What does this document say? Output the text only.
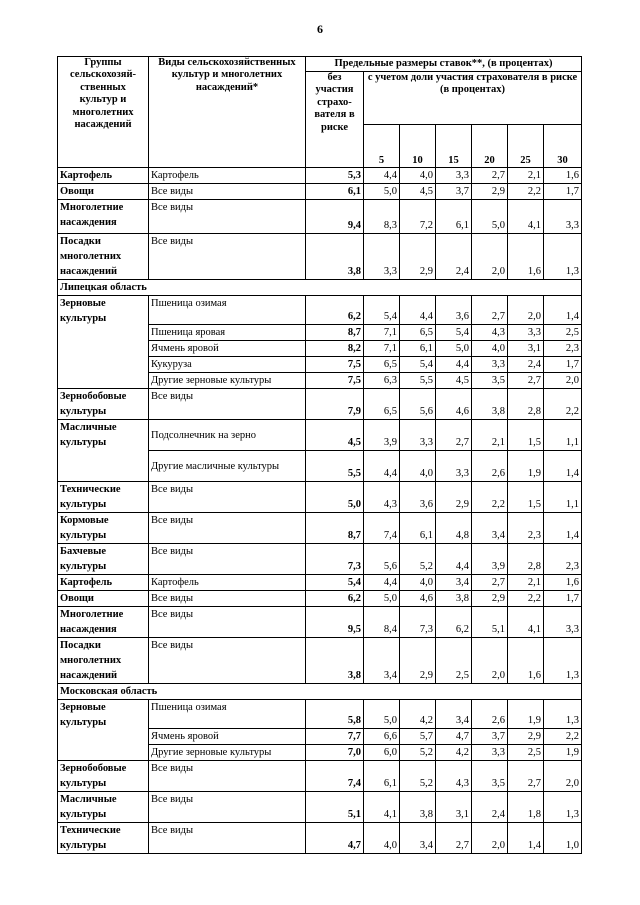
6
Группы сельскохозяй-ственных культур и многолетних насаждений	Виды сельскохозяйственных культур и многолетних насаждений*	Предельные размеры ставок**, (в процентах)						
		без участия страхо-вателя в риске	с учетом доли участия страхователя в риске
(в процентах)					
			5	10	15	20	25	30
Картофель	Картофель	5,3	4,4	4,0	3,3	2,7	2,1	1,6
Овощи	Все виды	6,1	5,0	4,5	3,7	2,9	2,2	1,7
Многолетние насаждения	Все виды	9,4	8,3	7,2	6,1	5,0	4,1	3,3
Посадки многолетних насаждений	Все виды	3,8	3,3	2,9	2,4	2,0	1,6	1,3
Липецкая область								
Зерновые культуры	Пшеница озимая	6,2	5,4	4,4	3,6	2,7	2,0	1,4
	Пшеница яровая	8,7	7,1	6,5	5,4	4,3	3,3	2,5
	Ячмень яровой	8,2	7,1	6,1	5,0	4,0	3,1	2,3
	Кукуруза	7,5	6,5	5,4	4,4	3,3	2,4	1,7
	Другие зерновые культуры	7,5	6,3	5,5	4,5	3,5	2,7	2,0
Зернобобовые культуры	Все виды	7,9	6,5	5,6	4,6	3,8	2,8	2,2
Масличные культуры	Подсолнечник на зерно	4,5	3,9	3,3	2,7	2,1	1,5	1,1
	Другие масличные культуры	5,5	4,4	4,0	3,3	2,6	1,9	1,4
Технические культуры	Все виды	5,0	4,3	3,6	2,9	2,2	1,5	1,1
Кормовые культуры	Все виды	8,7	7,4	6,1	4,8	3,4	2,3	1,4
Бахчевые культуры	Все виды	7,3	5,6	5,2	4,4	3,9	2,8	2,3
Картофель	Картофель	5,4	4,4	4,0	3,4	2,7	2,1	1,6
Овощи	Все виды	6,2	5,0	4,6	3,8	2,9	2,2	1,7
Многолетние насаждения	Все виды	9,5	8,4	7,3	6,2	5,1	4,1	3,3
Посадки многолетних насаждений	Все виды	3,8	3,4	2,9	2,5	2,0	1,6	1,3
Московская область								
Зерновые культуры	Пшеница озимая	5,8	5,0	4,2	3,4	2,6	1,9	1,3
	Ячмень яровой	7,7	6,6	5,7	4,7	3,7	2,9	2,2
	Другие зерновые культуры	7,0	6,0	5,2	4,2	3,3	2,5	1,9
Зернобобовые культуры	Все виды	7,4	6,1	5,2	4,3	3,5	2,7	2,0
Масличные культуры	Все виды	5,1	4,1	3,8	3,1	2,4	1,8	1,3
Технические культуры	Все виды	4,7	4,0	3,4	2,7	2,0	1,4	1,0
